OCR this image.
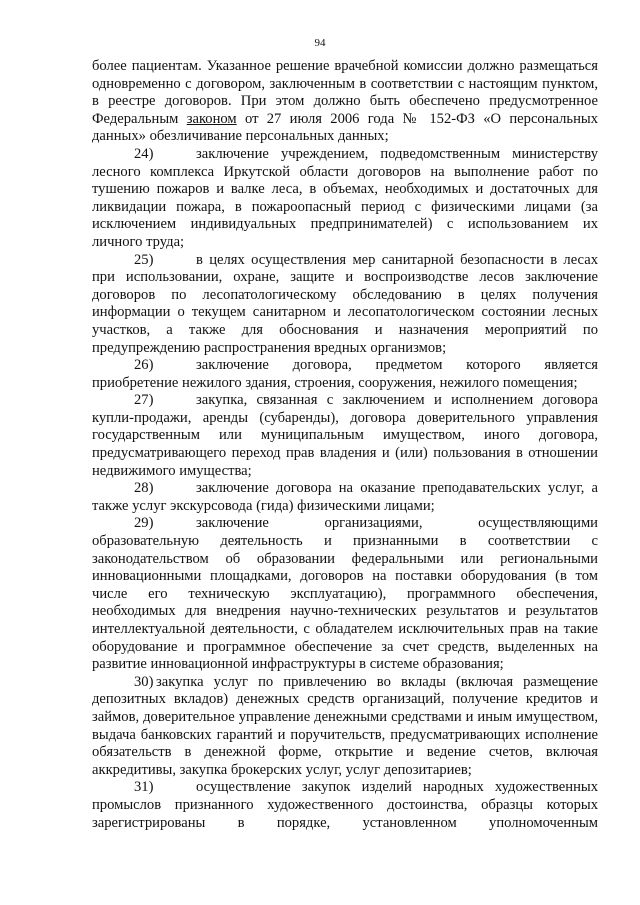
94

более пациентам. Указанное решение врачебной комиссии должно размещаться одновременно с договором, заключенным в соответствии с настоящим пунктом, в реестре договоров. При этом должно быть обеспечено предусмотренное Федеральным законом от 27 июля 2006 года № 152-ФЗ «О персональных данных» обезличивание персональных данных;

24)	заключение учреждением, подведомственным министерству лесного комплекса Иркутской области договоров на выполнение работ по тушению пожаров и валке леса, в объемах, необходимых и достаточных для ликвидации пожара, в пожароопасный период с физическими лицами (за исключением индивидуальных предпринимателей) с использованием их личного труда;

25)	в целях осуществления мер санитарной безопасности в лесах при использовании, охране, защите и воспроизводстве лесов заключение договоров по лесопатологическому обследованию в целях получения информации о текущем санитарном и лесопатологическом состоянии лесных участков, а также для обоснования и назначения мероприятий по предупреждению распространения вредных организмов;

26)	заключение договора, предметом которого является приобретение нежилого здания, строения, сооружения, нежилого помещения;

27)	закупка, связанная с заключением и исполнением договора купли-продажи, аренды (субаренды), договора доверительного управления государственным или муниципальным имуществом, иного договора, предусматривающего переход прав владения и (или) пользования в отношении недвижимого имущества;

28)	заключение договора на оказание преподавательских услуг, а также услуг экскурсовода (гида) физическими лицами;

29)	заключение организациями, осуществляющими образовательную деятельность и признанными в соответствии с законодательством об образовании федеральными или региональными инновационными площадками, договоров на поставки оборудования (в том числе его техническую эксплуатацию), программного обеспечения, необходимых для внедрения научно-технических результатов и результатов интеллектуальной деятельности, с обладателем исключительных прав на такие оборудование и программное обеспечение за счет средств, выделенных на развитие инновационной инфраструктуры в системе образования;

30) закупка услуг по привлечению во вклады (включая размещение депозитных вкладов) денежных средств организаций, получение кредитов и займов, доверительное управление денежными средствами и иным имуществом, выдача банковских гарантий и поручительств, предусматривающих исполнение обязательств в денежной форме, открытие и ведение счетов, включая аккредитивы, закупка брокерских услуг, услуг депозитариев;

31)	осуществление закупок изделий народных художественных промыслов признанного художественного достоинства, образцы которых зарегистрированы в порядке, установленном уполномоченным
